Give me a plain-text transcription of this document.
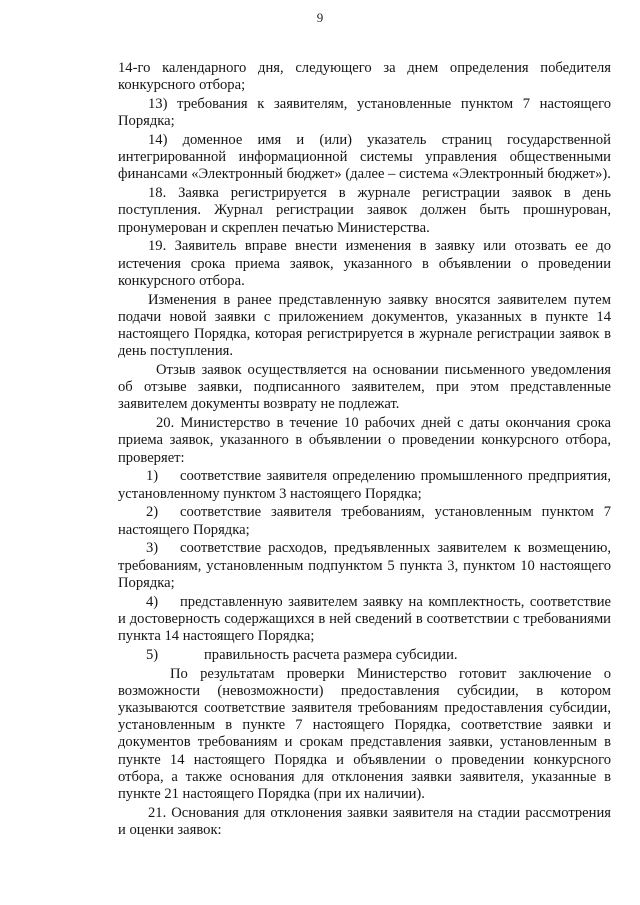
9

14-го календарного дня, следующего за днем определения победителя конкурсного отбора;

13) требования к заявителям, установленные пунктом 7 настоящего Порядка;

14) доменное имя и (или) указатель страниц государственной интегрированной информационной системы управления общественными финансами «Электронный бюджет» (далее – система «Электронный бюджет»).

18. Заявка регистрируется в журнале регистрации заявок в день поступления. Журнал регистрации заявок должен быть прошнурован, пронумерован и скреплен печатью Министерства.

19. Заявитель вправе внести изменения в заявку или отозвать ее до истечения срока приема заявок, указанного в объявлении о проведении конкурсного отбора.

Изменения в ранее представленную заявку вносятся заявителем путем подачи новой заявки с приложением документов, указанных в пункте 14 настоящего Порядка, которая регистрируется в журнале регистрации заявок в день поступления.

Отзыв заявок осуществляется на основании письменного уведомления об отзыве заявки, подписанного заявителем, при этом представленные заявителем документы возврату не подлежат.

20. Министерство в течение 10 рабочих дней с даты окончания срока приема заявок, указанного в объявлении о проведении конкурсного отбора, проверяет:

1) соответствие заявителя определению промышленного предприятия, установленному пунктом 3 настоящего Порядка;

2) соответствие заявителя требованиям, установленным пунктом 7 настоящего Порядка;

3) соответствие расходов, предъявленных заявителем к возмещению, требованиям, установленным подпунктом 5 пункта 3, пунктом 10 настоящего Порядка;

4) представленную заявителем заявку на комплектность, соответствие и достоверность содержащихся в ней сведений в соответствии с требованиями пункта 14 настоящего Порядка;

5)	правильность расчета размера субсидии.

По результатам проверки Министерство готовит заключение о возможности (невозможности) предоставления субсидии, в котором указываются соответствие заявителя требованиям предоставления субсидии, установленным в пункте 7 настоящего Порядка, соответствие заявки и документов требованиям и срокам представления заявки, установленным в пункте 14 настоящего Порядка и объявлении о проведении конкурсного отбора, а также основания для отклонения заявки заявителя, указанные в пункте 21 настоящего Порядка (при их наличии).

21. Основания для отклонения заявки заявителя на стадии рассмотрения и оценки заявок:
